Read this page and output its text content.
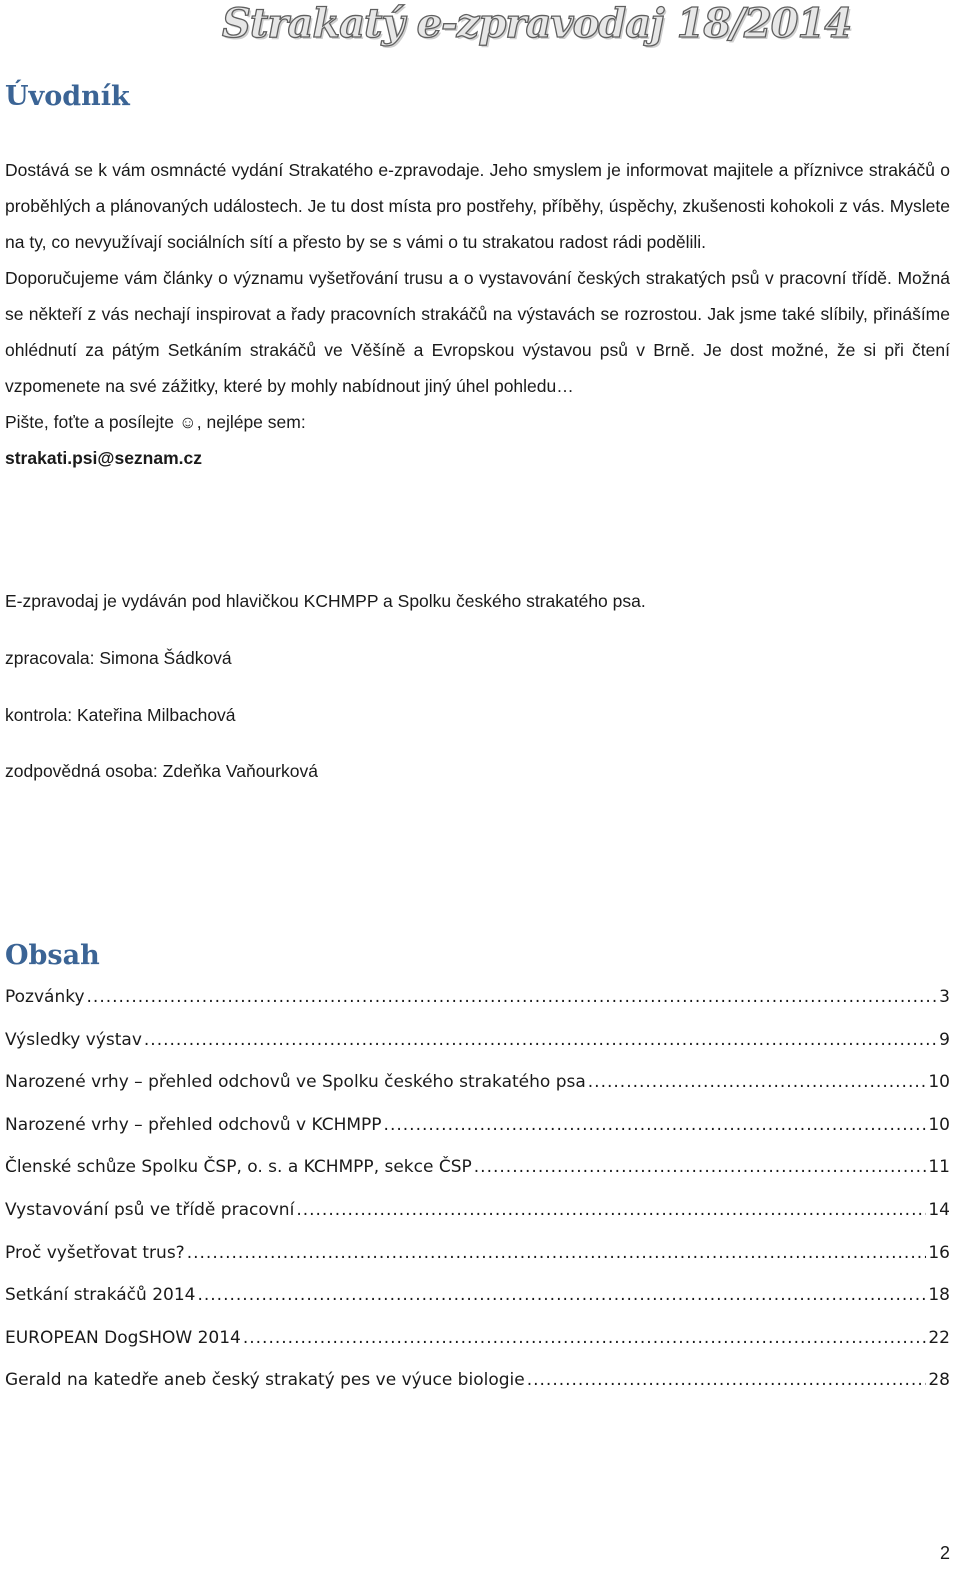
Strakatý e-zpravodaj 18/2014
Úvodník

Dostává se k vám osmnácté vydání Strakatého e-zpravodaje. Jeho smyslem je informovat majitele a příznivce strakáčů o proběhlých a plánovaných událostech. Je tu dost místa pro postřehy, příběhy, úspěchy, zkušenosti kohokoli z vás. Myslete na ty, co nevyužívají sociálních sítí a přesto by se s vámi o tu strakatou radost rádi podělili.

Doporučujeme vám články o významu vyšetřování trusu a o vystavování českých strakatých psů v pracovní třídě. Možná se někteří z vás nechají inspirovat a řady pracovních strakáčů na výstavách se rozrostou. Jak jsme také slíbily, přinášíme ohlédnutí za pátým Setkáním strakáčů ve Věšíně a Evropskou výstavou psů v Brně. Je dost možné, že si při čtení vzpomenete na své zážitky, které by mohly nabídnout jiný úhel pohledu…

Pište, foťte a posílejte ☺, nejlépe sem:

strakati.psi@seznam.cz

E-zpravodaj je vydáván pod hlavičkou KCHMPP a Spolku českého strakatého psa.

zpracovala: Simona Šádková

kontrola: Kateřina Milbachová

zodpovědná osoba: Zdeňka Vaňourková

Obsah
Pozvánky .....	3
Výsledky výstav .....	9
Narozené vrhy – přehled odchovů ve Spolku českého strakatého psa .....	10
Narozené vrhy – přehled odchovů v KCHMPP .....	10
Členské schůze Spolku ČSP, o. s. a KCHMPP, sekce ČSP .....	11
Vystavování psů ve třídě pracovní .....	14
Proč vyšetřovat trus? .....	16
Setkání strakáčů 2014 .....	18
EUROPEAN DogSHOW 2014 .....	22
Gerald na katedře aneb český strakatý pes ve výuce biologie .....	28
2
